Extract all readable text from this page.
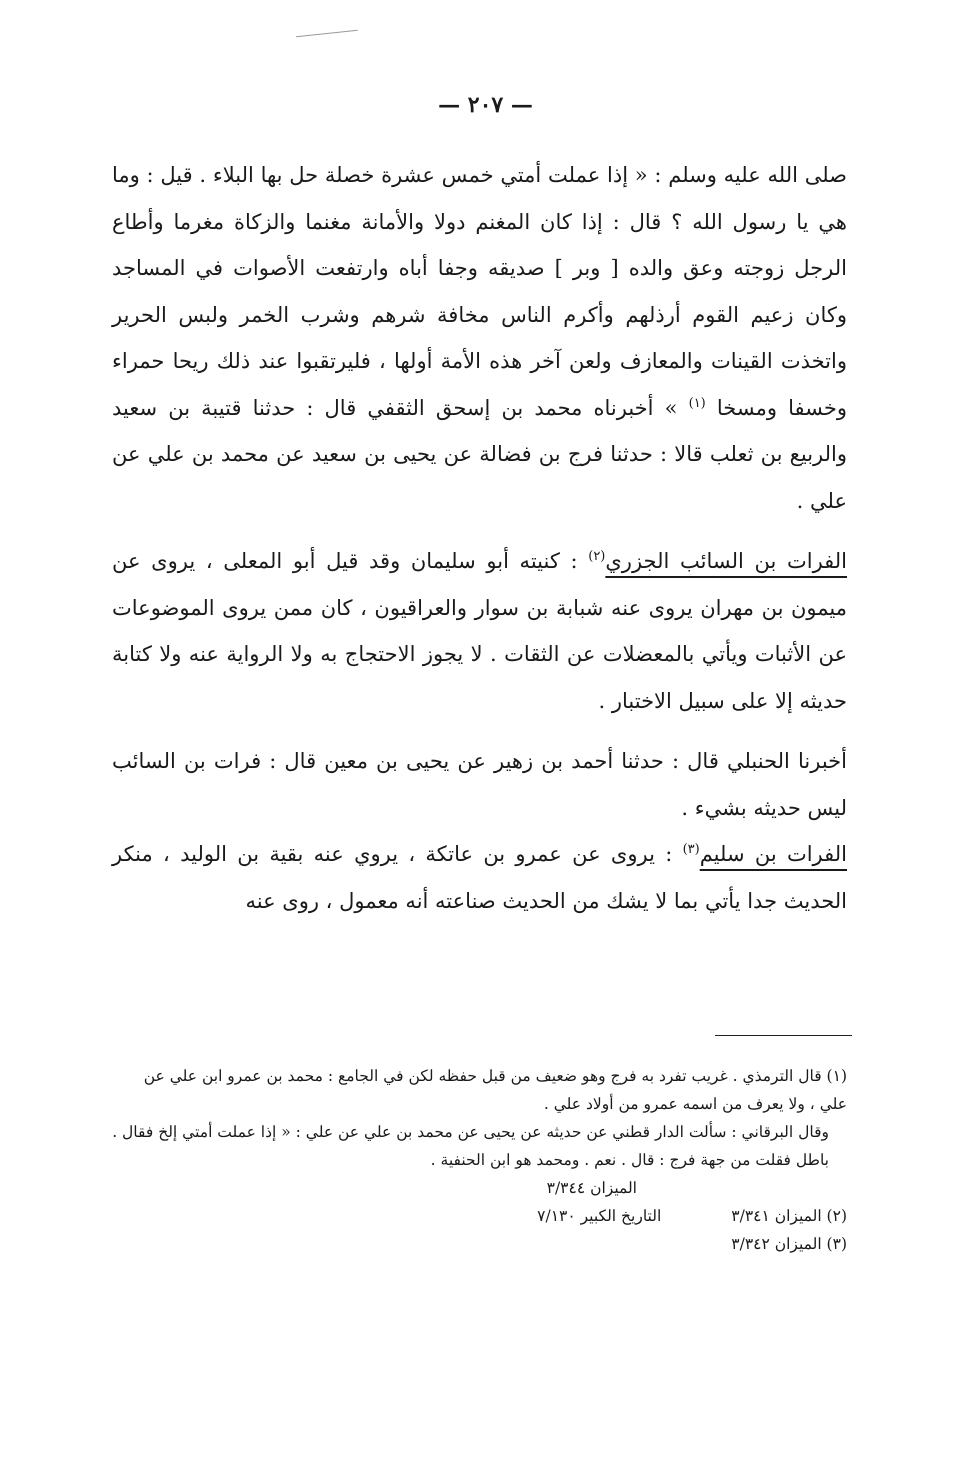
— ٢٠٧ —

صلى الله عليه وسلم : « إذا عملت أمتي خمس عشرة خصلة حل بها البلاء . قيل : وما هي يا رسول الله ؟ قال : إذا كان المغنم دولا والأمانة مغنما والزكاة مغرما وأطاع الرجل زوجته وعق والده [ وبر ] صديقه وجفا أباه وارتفعت الأصوات في المساجد وكان زعيم القوم أرذلهم وأكرم الناس مخافة شرهم وشرب الخمر ولبس الحرير واتخذت القينات والمعازف ولعن آخر هذه الأمة أولها ، فليرتقبوا عند ذلك ريحا حمراء وخسفا ومسخا $^{(١)}$ » أخبرناه محمد بن إسحق الثقفي قال : حدثنا قتيبة بن سعيد والربيع بن ثعلب قالا : حدثنا فرج بن فضالة عن يحيى بن سعيد عن محمد بن علي عن علي .

الفرات بن السائب الجزري$^{(٢)}$ : كنيته أبو سليمان وقد قيل أبو المعلى ، يروى عن ميمون بن مهران يروى عنه شبابة بن سوار والعراقيون ، كان ممن يروى الموضوعات عن الأثبات ويأتي بالمعضلات عن الثقات . لا يجوز الاحتجاج به ولا الرواية عنه ولا كتابة حديثه إلا على سبيل الاختبار .

أخبرنا الحنبلي قال : حدثنا أحمد بن زهير عن يحيى بن معين قال : فرات بن السائب ليس حديثه بشيء .

الفرات بن سليم$^{(٣)}$ : يروى عن عمرو بن عاتكة ، يروي عنه بقية بن الوليد ، منكر الحديث جدا يأتي بما لا يشك من الحديث صناعته أنه معمول ، روى عنه

(١) قال الترمذي . غريب تفرد به فرج وهو ضعيف من قبل حفظه لكن في الجامع : محمد بن عمرو ابن علي عن علي ، ولا يعرف من اسمه عمرو من أولاد علي .

وقال البرقاني : سألت الدار قطني عن حديثه عن يحيى عن محمد بن علي عن علي : « إذا عملت أمتي إلخ فقال . باطل فقلت من جهة فرج : قال . نعم . ومحمد هو ابن الحنفية .

الميزان ٣/٣٤٤

(٢) الميزان ٣/٣٤١
التاريخ الكبير ٧/١٣٠

(٣) الميزان ٣/٣٤٢
